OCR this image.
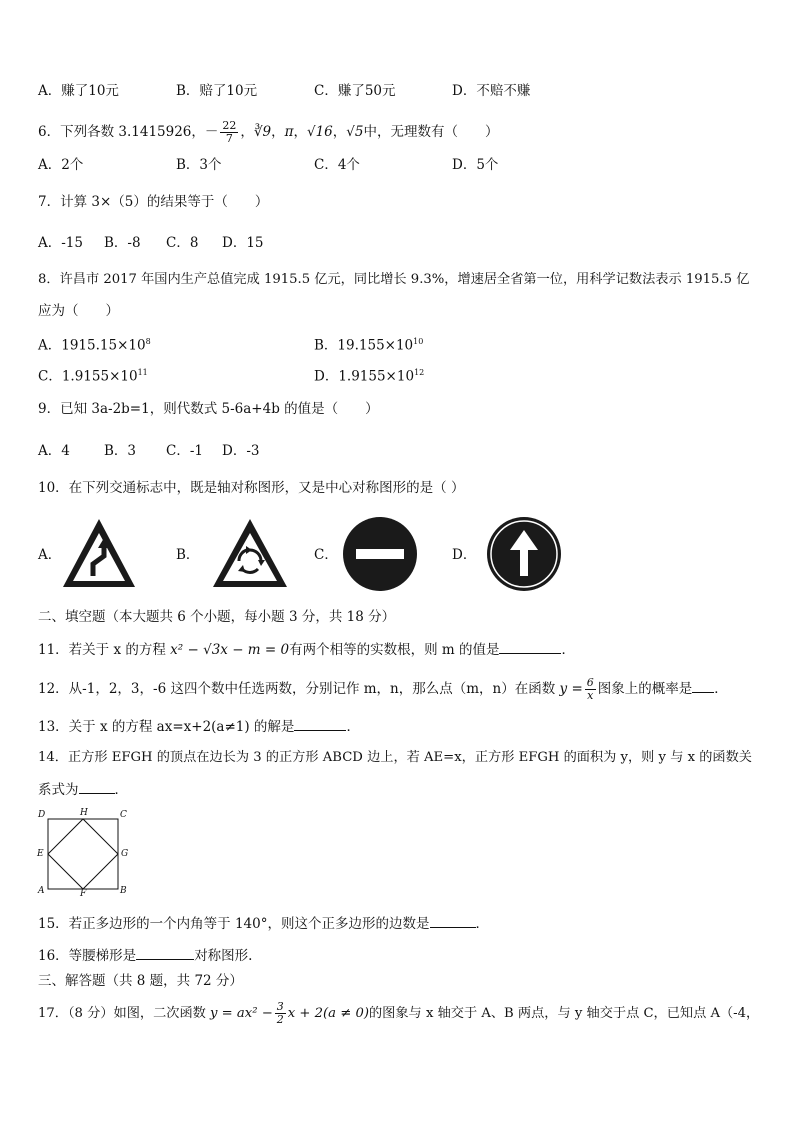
A．赚了10元	B．赔了10元	C．赚了50元	D．不赔不赚
6．下列各数 3.1415926，－ $\frac{22}{7}$ ，∛9，π，√16，√5中，无理数有（　　）
A．2个	B．3个	C．4个	D．5个
7．计算 3×（5）的结果等于（　　）
A．-15 B．-8 C．8 D．15
8．许昌市 2017 年国内生产总值完成 1915.5 亿元，同比增长 9.3%，增速居全省第一位，用科学记数法表示 1915.5 亿
应为（　　）
A．$1915.15\times 10^8$	B．$19.155\times 10^{10}$
C．$1.9155\times 10^{11}$	D．$1.9155\times 10^{12}$
9．已知 3a-2b=1，则代数式 5-6a+4b 的值是（　　）
A．4	B．3 C．-1 D．-3
10．在下列交通标志中，既是轴对称图形，又是中心对称图形的是（ ）
A．	B．	C．	D．
二、填空题（本大题共 6 个小题，每小题 3 分，共 18 分）
11．若关于 x 的方程 x² − √3x − m = 0有两个相等的实数根，则 m 的值是	．
12．从-1，2，3，-6 这四个数中任选两数，分别记作 m，n，那么点（m，n）在函数 $y = \frac{6}{x}$ 图象上的概率是 ．
13．关于 x 的方程 ax=x+2(a≠1) 的解是	．
14．正方形 EFGH 的顶点在边长为 3 的正方形 ABCD 边上，若 AE=x，正方形 EFGH 的面积为 y，则 y 与 x 的函数关
系式为	．
D	H	C
E	G
A	F	B
15．若正多边形的一个内角等于 140°，则这个正多边形的边数是	．
16．等腰梯形是	对称图形.
三、解答题（共 8 题，共 72 分）
17．（8 分）如图，二次函数 $y = ax^2 - \frac{3}{2}$ x + 2(a ≠ 0)的图象与 x 轴交于 A、B 两点，与 y 轴交于点 C，已知点 A（-4，
